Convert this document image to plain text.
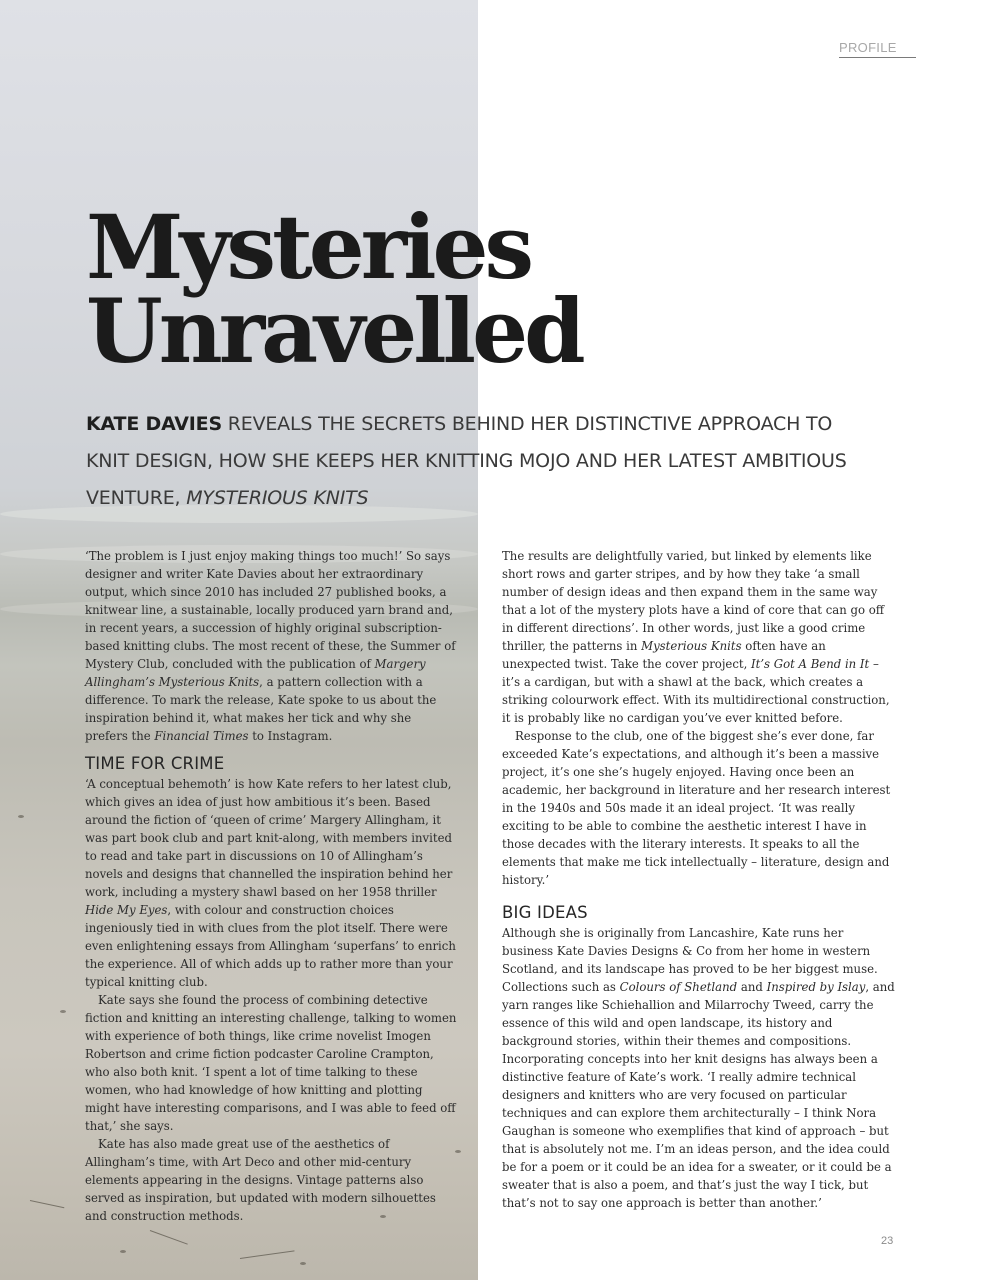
PROFILE
Mysteries
Unravelled
KATE DAVIES REVEALS THE SECRETS BEHIND HER DISTINCTIVE APPROACH TO KNIT DESIGN, HOW SHE KEEPS HER KNITTING MOJO AND HER LATEST AMBITIOUS VENTURE, MYSTERIOUS KNITS

‘The problem is I just enjoy making things too much!’ So says designer and writer Kate Davies about her extraordinary output, which since 2010 has included 27 published books, a knitwear line, a sustainable, locally produced yarn brand and, in recent years, a succession of highly original subscription-based knitting clubs. The most recent of these, the Summer of Mystery Club, concluded with the publication of Margery Allingham’s Mysterious Knits, a pattern collection with a difference. To mark the release, Kate spoke to us about the inspiration behind it, what makes her tick and why she prefers the Financial Times to Instagram.

TIME FOR CRIME

‘A conceptual behemoth’ is how Kate refers to her latest club, which gives an idea of just how ambitious it’s been. Based around the fiction of ‘queen of crime’ Margery Allingham, it was part book club and part knit-along, with members invited to read and take part in discussions on 10 of Allingham’s novels and designs that channelled the inspiration behind her work, including a mystery shawl based on her 1958 thriller Hide My Eyes, with colour and construction choices ingeniously tied in with clues from the plot itself. There were even enlightening essays from Allingham ‘superfans’ to enrich the experience. All of which adds up to rather more than your typical knitting club.

Kate says she found the process of combining detective fiction and knitting an interesting challenge, talking to women with experience of both things, like crime novelist Imogen Robertson and crime fiction podcaster Caroline Crampton, who also both knit. ‘I spent a lot of time talking to these women, who had knowledge of how knitting and plotting might have interesting comparisons, and I was able to feed off that,’ she says.

Kate has also made great use of the aesthetics of Allingham’s time, with Art Deco and other mid-century elements appearing in the designs. Vintage patterns also served as inspiration, but updated with modern silhouettes and construction methods.

The results are delightfully varied, but linked by elements like short rows and garter stripes, and by how they take ‘a small number of design ideas and then expand them in the same way that a lot of the mystery plots have a kind of core that can go off in different directions’. In other words, just like a good crime thriller, the patterns in Mysterious Knits often have an unexpected twist. Take the cover project, It’s Got A Bend in It – it’s a cardigan, but with a shawl at the back, which creates a striking colourwork effect. With its multidirectional construction, it is probably like no cardigan you’ve ever knitted before.

Response to the club, one of the biggest she’s ever done, far exceeded Kate’s expectations, and although it’s been a massive project, it’s one she’s hugely enjoyed. Having once been an academic, her background in literature and her research interest in the 1940s and 50s made it an ideal project. ‘It was really exciting to be able to combine the aesthetic interest I have in those decades with the literary interests. It speaks to all the elements that make me tick intellectually – literature, design and history.’

BIG IDEAS

Although she is originally from Lancashire, Kate runs her business Kate Davies Designs & Co from her home in western Scotland, and its landscape has proved to be her biggest muse. Collections such as Colours of Shetland and Inspired by Islay, and yarn ranges like Schiehallion and Milarrochy Tweed, carry the essence of this wild and open landscape, its history and background stories, within their themes and compositions. Incorporating concepts into her knit designs has always been a distinctive feature of Kate’s work. ‘I really admire technical designers and knitters who are very focused on particular techniques and can explore them architecturally – I think Nora Gaughan is someone who exemplifies that kind of approach – but that is absolutely not me. I’m an ideas person, and the idea could be for a poem or it could be an idea for a sweater, or it could be a sweater that is also a poem, and that’s just the way I tick, but that’s not to say one approach is better than another.’

23
